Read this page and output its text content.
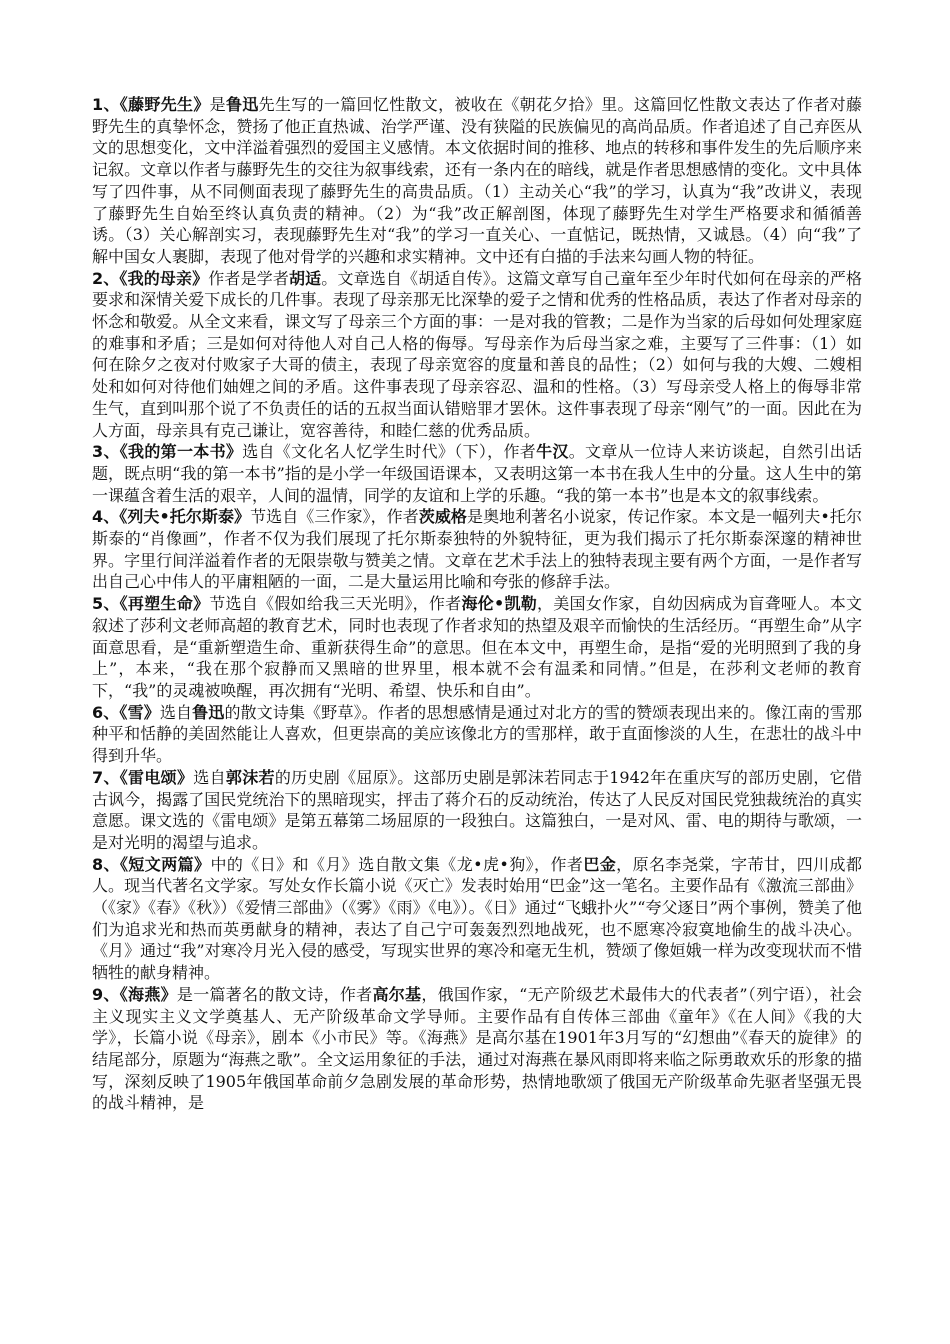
1、《藤野先生》是鲁迅先生写的一篇回忆性散文，被收在《朝花夕拾》里。这篇回忆性散文表达了作者对藤野先生的真挚怀念，赞扬了他正直热诚、治学严谨、没有狭隘的民族偏见的高尚品质。作者追述了自己弃医从文的思想变化，文中洋溢着强烈的爱国主义感情。本文依据时间的推移、地点的转移和事件发生的先后顺序来记叙。文章以作者与藤野先生的交往为叙事线索，还有一条内在的暗线，就是作者思想感情的变化。文中具体写了四件事，从不同侧面表现了藤野先生的高贵品质。（1）主动关心“我”的学习，认真为“我”改讲义，表现了藤野先生自始至终认真负责的精神。（2）为“我”改正解剖图，体现了藤野先生对学生严格要求和循循善诱。（3）关心解剖实习，表现藤野先生对“我”的学习一直关心、一直惦记，既热情，又诚恳。（4）向“我”了解中国女人裹脚，表现了他对骨学的兴趣和求实精神。文中还有白描的手法来勾画人物的特征。

2、《我的母亲》作者是学者胡适。文章选自《胡适自传》。这篇文章写自己童年至少年时代如何在母亲的严格要求和深情关爱下成长的几件事。表现了母亲那无比深挚的爱子之情和优秀的性格品质，表达了作者对母亲的怀念和敬爱。从全文来看，课文写了母亲三个方面的事：一是对我的管教；二是作为当家的后母如何处理家庭的难事和矛盾；三是如何对待他人对自己人格的侮辱。写母亲作为后母当家之难，主要写了三件事：（1）如何在除夕之夜对付败家子大哥的债主，表现了母亲宽容的度量和善良的品性；（2）如何与我的大嫂、二嫂相处和如何对待他们妯娌之间的矛盾。这件事表现了母亲容忍、温和的性格。（3）写母亲受人格上的侮辱非常生气，直到叫那个说了不负责任的话的五叔当面认错赔罪才罢休。这件事表现了母亲“刚气”的一面。因此在为人方面，母亲具有克己谦让，宽容善待，和睦仁慈的优秀品质。

3、《我的第一本书》选自《文化名人忆学生时代》（下），作者牛汉。文章从一位诗人来访谈起，自然引出话题，既点明“我的第一本书”指的是小学一年级国语课本，又表明这第一本书在我人生中的分量。这人生中的第一课蕴含着生活的艰辛，人间的温情，同学的友谊和上学的乐趣。“我的第一本书”也是本文的叙事线索。

4、《列夫•托尔斯泰》节选自《三作家》，作者茨威格是奥地利著名小说家，传记作家。本文是一幅列夫•托尔斯泰的“肖像画”，作者不仅为我们展现了托尔斯泰独特的外貌特征，更为我们揭示了托尔斯泰深邃的精神世界。字里行间洋溢着作者的无限崇敬与赞美之情。文章在艺术手法上的独特表现主要有两个方面，一是作者写出自己心中伟人的平庸粗陋的一面，二是大量运用比喻和夸张的修辞手法。

5、《再塑生命》节选自《假如给我三天光明》，作者海伦•凯勒，美国女作家，自幼因病成为盲聋哑人。本文叙述了莎利文老师高超的教育艺术，同时也表现了作者求知的热望及艰辛而愉快的生活经历。“再塑生命”从字面意思看，是“重新塑造生命、重新获得生命”的意思。但在本文中，再塑生命，是指“爱的光明照到了我的身上”，本来，“我在那个寂静而又黑暗的世界里，根本就不会有温柔和同情。”但是，在莎利文老师的教育下，“我”的灵魂被唤醒，再次拥有“光明、希望、快乐和自由”。

6、《雪》选自鲁迅的散文诗集《野草》。作者的思想感情是通过对北方的雪的赞颂表现出来的。像江南的雪那种平和恬静的美固然能让人喜欢，但更崇高的美应该像北方的雪那样，敢于直面惨淡的人生，在悲壮的战斗中得到升华。

7、《雷电颂》选自郭沫若的历史剧《屈原》。这部历史剧是郭沫若同志于1942年在重庆写的部历史剧，它借古讽今，揭露了国民党统治下的黑暗现实，抨击了蒋介石的反动统治，传达了人民反对国民党独裁统治的真实意愿。课文选的《雷电颂》是第五幕第二场屈原的一段独白。这篇独白，一是对风、雷、电的期待与歌颂，一是对光明的渴望与追求。

8、《短文两篇》中的《日》和《月》选自散文集《龙•虎•狗》，作者巴金，原名李尧棠，字芾甘，四川成都人。现当代著名文学家。写处女作长篇小说《灭亡》发表时始用“巴金”这一笔名。主要作品有《激流三部曲》（《家》《春》《秋》）《爱情三部曲》（《雾》《雨》《电》）。《日》通过“飞蛾扑火”“夸父逐日”两个事例，赞美了他们为追求光和热而英勇献身的精神，表达了自己宁可轰轰烈烈地战死，也不愿寒冷寂寞地偷生的战斗决心。《月》通过“我”对寒冷月光入侵的感受，写现实世界的寒冷和毫无生机，赞颂了像姮娥一样为改变现状而不惜牺牲的献身精神。

9、《海燕》是一篇著名的散文诗，作者高尔基，俄国作家，“无产阶级艺术最伟大的代表者”（列宁语），社会主义现实主义文学奠基人、无产阶级革命文学导师。主要作品有自传体三部曲《童年》《在人间》《我的大学》，长篇小说《母亲》，剧本《小市民》等。《海燕》是高尔基在1901年3月写的“幻想曲”《春天的旋律》的结尾部分，原题为“海燕之歌”。全文运用象征的手法，通过对海燕在暴风雨即将来临之际勇敢欢乐的形象的描写，深刻反映了1905年俄国革命前夕急剧发展的革命形势，热情地歌颂了俄国无产阶级革命先驱者坚强无畏的战斗精神，是
